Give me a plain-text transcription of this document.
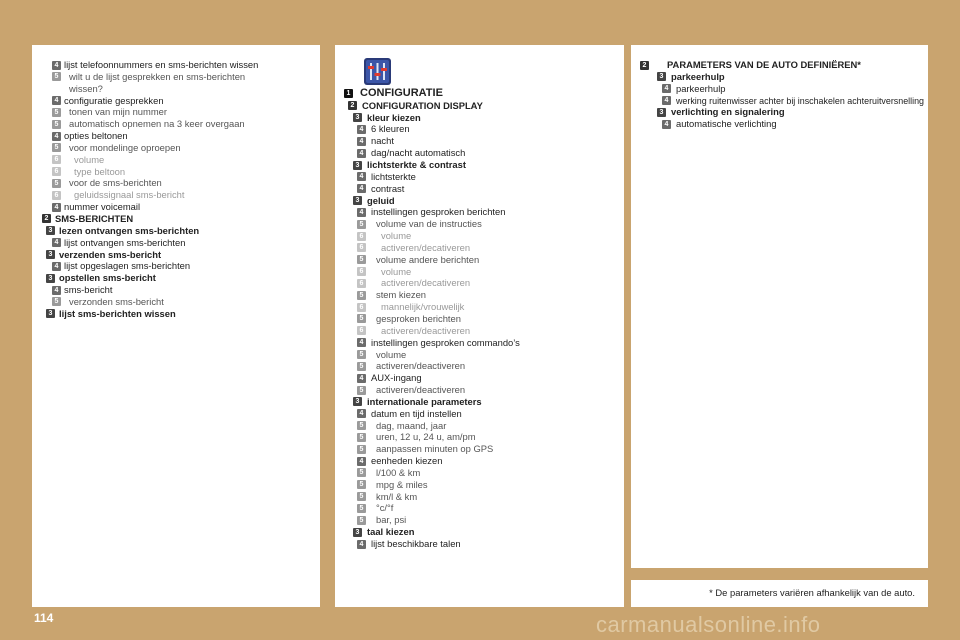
4 lijst telefoonnummers en sms-berichten wissen
5 wilt u de lijst gesprekken en sms-berichten
wissen?
4 configuratie gesprekken
5 tonen van mijn nummer
5 automatisch opnemen na 3 keer overgaan
4 opties beltonen
5 voor mondelinge oproepen
6 volume
6 type beltoon
5 voor de sms-berichten
6 geluidssignaal sms-bericht
4 nummer voicemail
2 SMS-BERICHTEN
3 lezen ontvangen sms-berichten
4 lijst ontvangen sms-berichten
3 verzenden sms-bericht
4 lijst opgeslagen sms-berichten
3 opstellen sms-bericht
4 sms-bericht
5 verzonden sms-bericht
3 lijst sms-berichten wissen
1 CONFIGURATIE
2 CONFIGURATION DISPLAY
3 kleur kiezen
4 6 kleuren
4 nacht
4 dag/nacht automatisch
3 lichtsterkte & contrast
4 lichtsterkte
4 contrast
3 geluid
4 instellingen gesproken berichten
5 volume van de instructies
6 volume
6 activeren/decativeren
5 volume andere berichten
6 volume
6 activeren/decativeren
5 stem kiezen
6 mannelijk/vrouwelijk
5 gesproken berichten
6 activeren/deactiveren
4 instellingen gesproken commando’s
5 volume
5 activeren/deactiveren
4 AUX-ingang
5 activeren/deactiveren
3 internationale parameters
4 datum en tijd instellen
5 dag, maand, jaar
5 uren, 12 u, 24 u, am/pm
5 aanpassen minuten op GPS
4 eenheden kiezen
5 l/100 & km
5 mpg & miles
5 km/l & km
5 °c/°f
5 bar, psi
3 taal kiezen
4 lijst beschikbare talen
2 PARAMETERS VAN DE AUTO DEFINIËREN*
3 parkeerhulp
4 parkeerhulp
4 werking ruitenwisser achter bij inschakelen achteruitversnelling
3 verlichting en signalering
4 automatische verlichting
* De parameters variëren afhankelijk van de auto.
114	carmanualsonline.info
